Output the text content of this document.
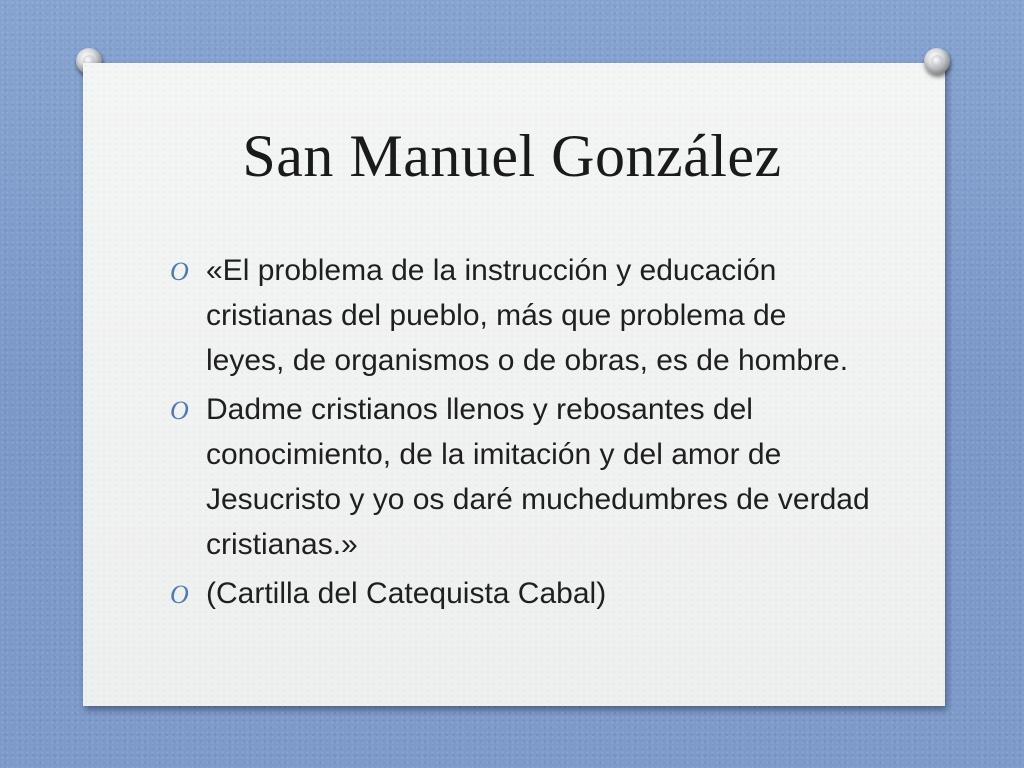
San Manuel González
O «El problema de la instrucción y educación cristianas del pueblo, más que problema de leyes, de organismos o de obras, es de hombre.
O Dadme cristianos llenos y rebosantes del conocimiento, de la imitación y del amor de Jesucristo y yo os daré muchedumbres de verdad cristianas.»
O (Cartilla del Catequista Cabal)
